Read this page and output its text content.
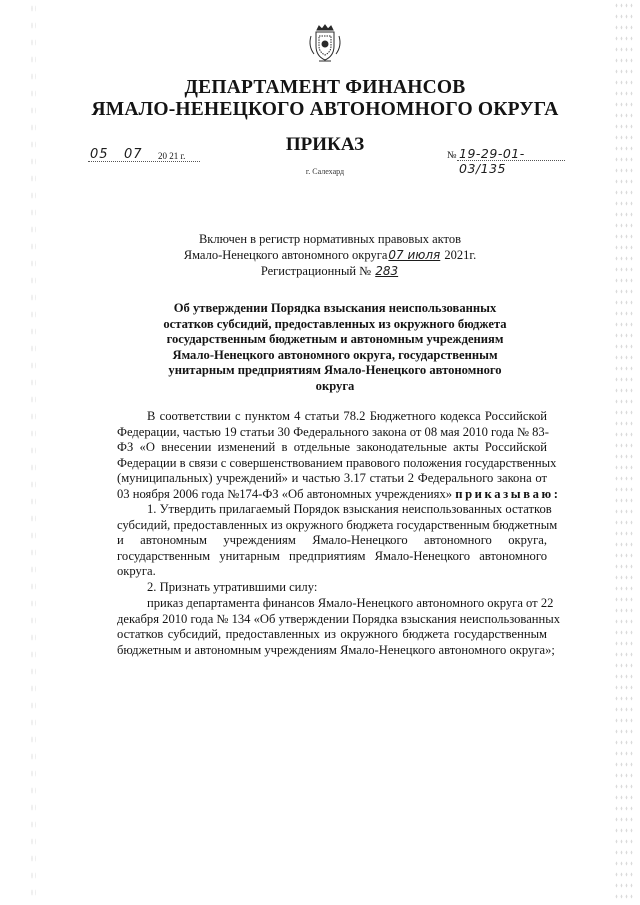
ДЕПАРТАМЕНТ ФИНАНСОВ
ЯМАЛО-НЕНЕЦКОГО АВТОНОМНОГО ОКРУГА
ПРИКАЗ
05 07 20 21 г.
г. Салехард
№ 19-29-01-03/135
Включен в регистр нормативных правовых актов
Ямало-Ненецкого автономного округа07 июля 2021г.
Регистрационный № 283
Об утверждении Порядка взыскания неиспользованных
остатков субсидий, предоставленных из окружного бюджета
государственным бюджетным и автономным учреждениям
Ямало-Ненецкого автономного округа, государственным
унитарным предприятиям Ямало-Ненецкого автономного
округа
В соответствии с пунктом 4 статьи 78.2 Бюджетного кодекса Российской
Федерации, частью 19 статьи 30 Федерального закона от 08 мая 2010 года № 83-
ФЗ «О внесении изменений в отдельные законодательные акты Российской
Федерации в связи с совершенствованием правового положения государственных
(муниципальных) учреждений» и частью 3.17 статьи 2 Федерального закона от
03 ноября 2006 года №174-ФЗ «Об автономных учреждениях» приказываю:
1. Утвердить прилагаемый Порядок взыскания неиспользованных остатков
субсидий, предоставленных из окружного бюджета государственным бюджетным
и автономным учреждениям Ямало-Ненецкого автономного округа,
государственным унитарным предприятиям Ямало-Ненецкого автономного
округа.
2. Признать утратившими силу:
приказ департамента финансов Ямало-Ненецкого автономного округа от 22
декабря 2010 года № 134 «Об утверждении Порядка взыскания неиспользованных
остатков субсидий, предоставленных из окружного бюджета государственным
бюджетным и автономным учреждениям Ямало-Ненецкого автономного округа»;
